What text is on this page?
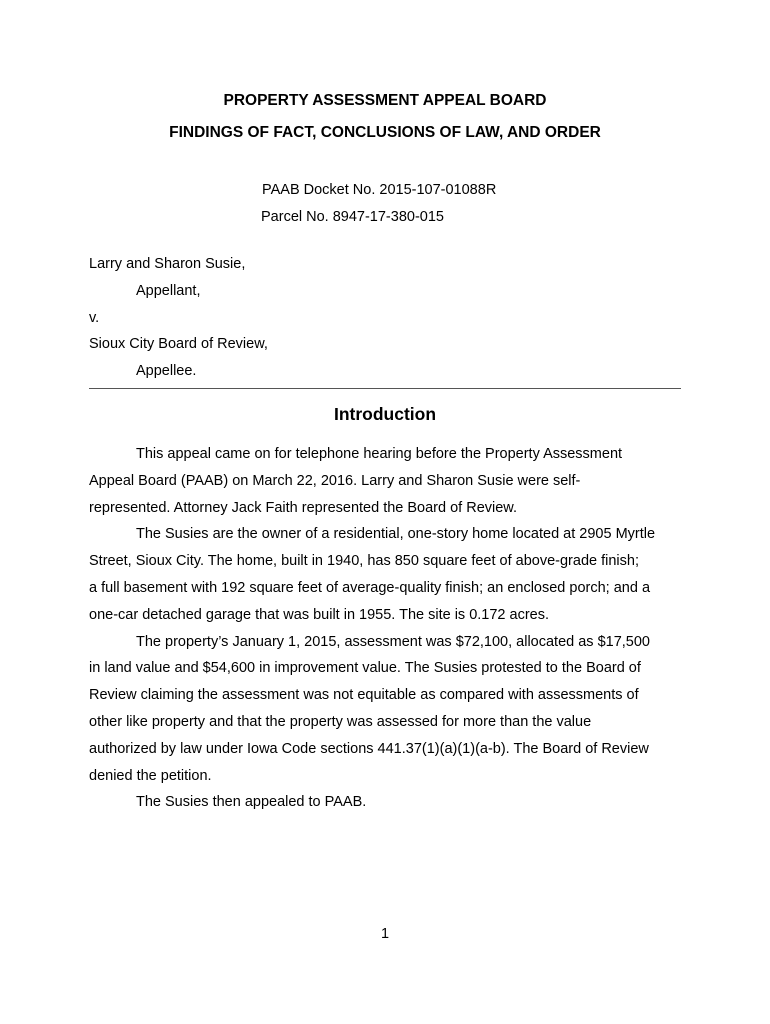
PROPERTY ASSESSMENT APPEAL BOARD
FINDINGS OF FACT, CONCLUSIONS OF LAW, AND ORDER
PAAB Docket No. 2015-107-01088R
Parcel No. 8947-17-380-015
Larry and Sharon Susie,
Appellant,
v.
Sioux City Board of Review,
Appellee.
Introduction

This appeal came on for telephone hearing before the Property Assessment
Appeal Board (PAAB) on March 22, 2016. Larry and Sharon Susie were self-
represented. Attorney Jack Faith represented the Board of Review.

The Susies are the owner of a residential, one-story home located at 2905 Myrtle
Street, Sioux City. The home, built in 1940, has 850 square feet of above-grade finish;
a full basement with 192 square feet of average-quality finish; an enclosed porch; and a
one-car detached garage that was built in 1955. The site is 0.172 acres.

The property’s January 1, 2015, assessment was $72,100, allocated as $17,500
in land value and $54,600 in improvement value. The Susies protested to the Board of
Review claiming the assessment was not equitable as compared with assessments of
other like property and that the property was assessed for more than the value
authorized by law under Iowa Code sections 441.37(1)(a)(1)(a-b). The Board of Review
denied the petition.

The Susies then appealed to PAAB.

1
